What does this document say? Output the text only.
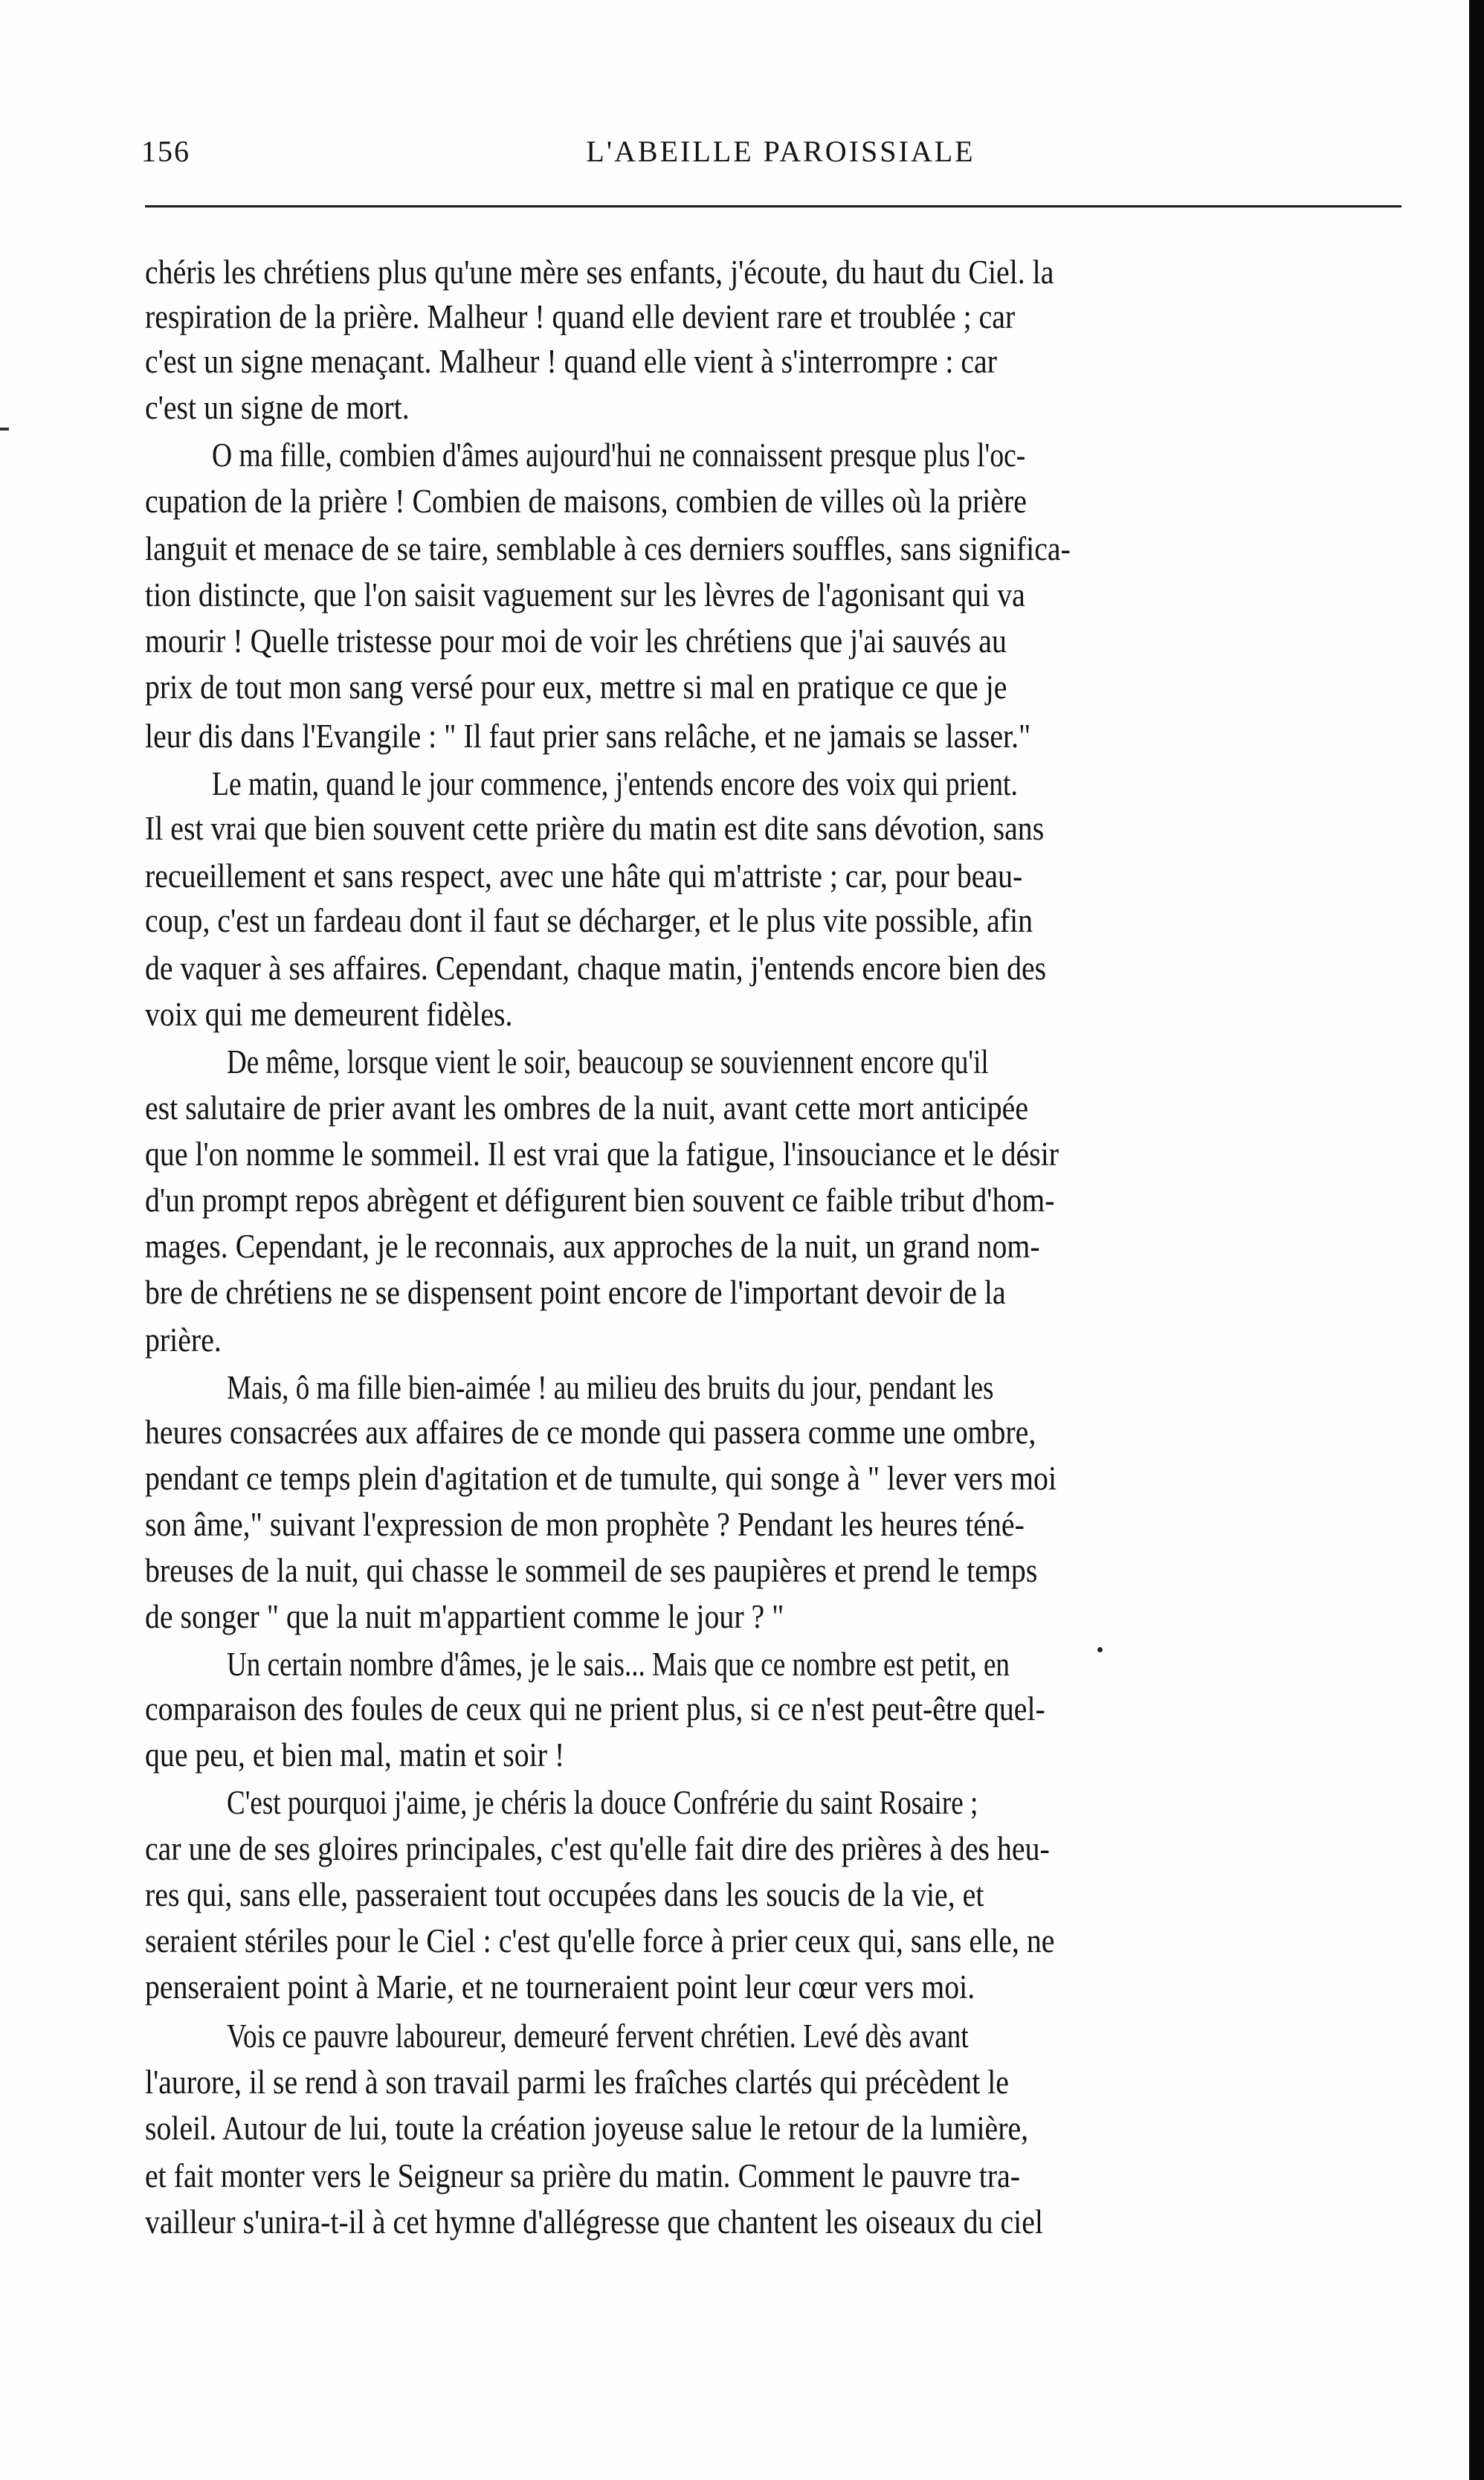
156	L'ABEILLE PAROISSIALE
chéris les chrétiens plus qu'une mère ses enfants, j'écoute, du haut du Ciel. la
respiration de la prière. Malheur ! quand elle devient rare et troublée ; car
c'est un signe menaçant. Malheur ! quand elle vient à s'interrompre : car
c'est un signe de mort.
O ma fille, combien d'âmes aujourd'hui ne connaissent presque plus l'oc-
cupation de la prière ! Combien de maisons, combien de villes où la prière
languit et menace de se taire, semblable à ces derniers souffles, sans significa-
tion distincte, que l'on saisit vaguement sur les lèvres de l'agonisant qui va
mourir ! Quelle tristesse pour moi de voir les chrétiens que j'ai sauvés au
prix de tout mon sang versé pour eux, mettre si mal en pratique ce que je
leur dis dans l'Evangile : " Il faut prier sans relâche, et ne jamais se lasser."
Le matin, quand le jour commence, j'entends encore des voix qui prient.
Il est vrai que bien souvent cette prière du matin est dite sans dévotion, sans
recueillement et sans respect, avec une hâte qui m'attriste ; car, pour beau-
coup, c'est un fardeau dont il faut se décharger, et le plus vite possible, afin
de vaquer à ses affaires. Cependant, chaque matin, j'entends encore bien des
voix qui me demeurent fidèles.
De même, lorsque vient le soir, beaucoup se souviennent encore qu'il
est salutaire de prier avant les ombres de la nuit, avant cette mort anticipée
que l'on nomme le sommeil. Il est vrai que la fatigue, l'insouciance et le désir
d'un prompt repos abrègent et défigurent bien souvent ce faible tribut d'hom-
mages. Cependant, je le reconnais, aux approches de la nuit, un grand nom-
bre de chrétiens ne se dispensent point encore de l'important devoir de la
prière.
Mais, ô ma fille bien-aimée ! au milieu des bruits du jour, pendant les
heures consacrées aux affaires de ce monde qui passera comme une ombre,
pendant ce temps plein d'agitation et de tumulte, qui songe à " lever vers moi
son âme," suivant l'expression de mon prophète ? Pendant les heures téné-
breuses de la nuit, qui chasse le sommeil de ses paupières et prend le temps
de songer " que la nuit m'appartient comme le jour ? "
Un certain nombre d'âmes, je le sais... Mais que ce nombre est petit, en
comparaison des foules de ceux qui ne prient plus, si ce n'est peut-être quel-
que peu, et bien mal, matin et soir !
C'est pourquoi j'aime, je chéris la douce Confrérie du saint Rosaire ;
car une de ses gloires principales, c'est qu'elle fait dire des prières à des heu-
res qui, sans elle, passeraient tout occupées dans les soucis de la vie, et
seraient stériles pour le Ciel : c'est qu'elle force à prier ceux qui, sans elle, ne
penseraient point à Marie, et ne tourneraient point leur cœur vers moi.
Vois ce pauvre laboureur, demeuré fervent chrétien. Levé dès avant
l'aurore, il se rend à son travail parmi les fraîches clartés qui précèdent le
soleil. Autour de lui, toute la création joyeuse salue le retour de la lumière,
et fait monter vers le Seigneur sa prière du matin. Comment le pauvre tra-
vailleur s'unira-t-il à cet hymne d'allégresse que chantent les oiseaux du ciel
